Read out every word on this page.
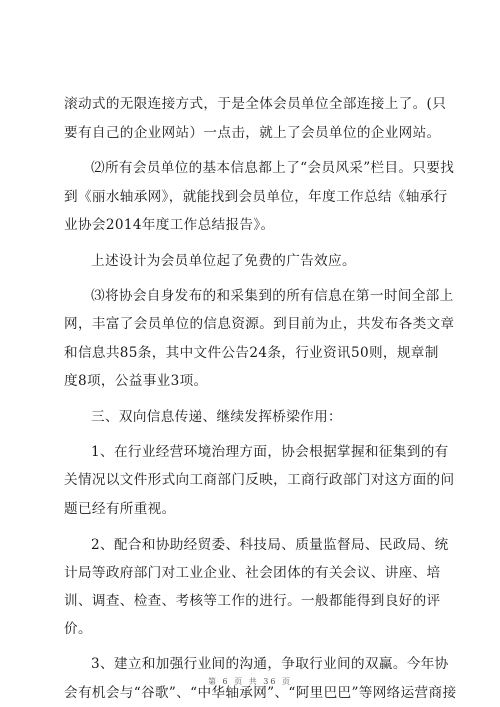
滚动式的无限连接方式，于是全体会员单位全部连接上了。(只
要有自己的企业网站）一点击，就上了会员单位的企业网站。
⑵所有会员单位的基本信息都上了“会员风采”栏目。只要找
到《丽水轴承网》，就能找到会员单位，年度工作总结《轴承行
业协会2014年度工作总结报告》。
上述设计为会员单位起了免费的广告效应。
⑶将协会自身发布的和采集到的所有信息在第一时间全部上
网，丰富了会员单位的信息资源。到目前为止，共发布各类文章
和信息共85条，其中文件公告24条，行业资讯50则，规章制
度8项，公益事业3项。
三、双向信息传递、继续发挥桥梁作用：
1、在行业经营环境治理方面，协会根据掌握和征集到的有
关情况以文件形式向工商部门反映，工商行政部门对这方面的问
题已经有所重视。
2、配合和协助经贸委、科技局、质量监督局、民政局、统
计局等政府部门对工业企业、社会团体的有关会议、讲座、培
训、调查、检查、考核等工作的进行。一般都能得到良好的评
价。
3、建立和加强行业间的沟通，争取行业间的双赢。今年协
会有机会与“谷歌”、“中华轴承网”、“阿里巴巴”等网络运营商接
第 6 页 共 36 页
